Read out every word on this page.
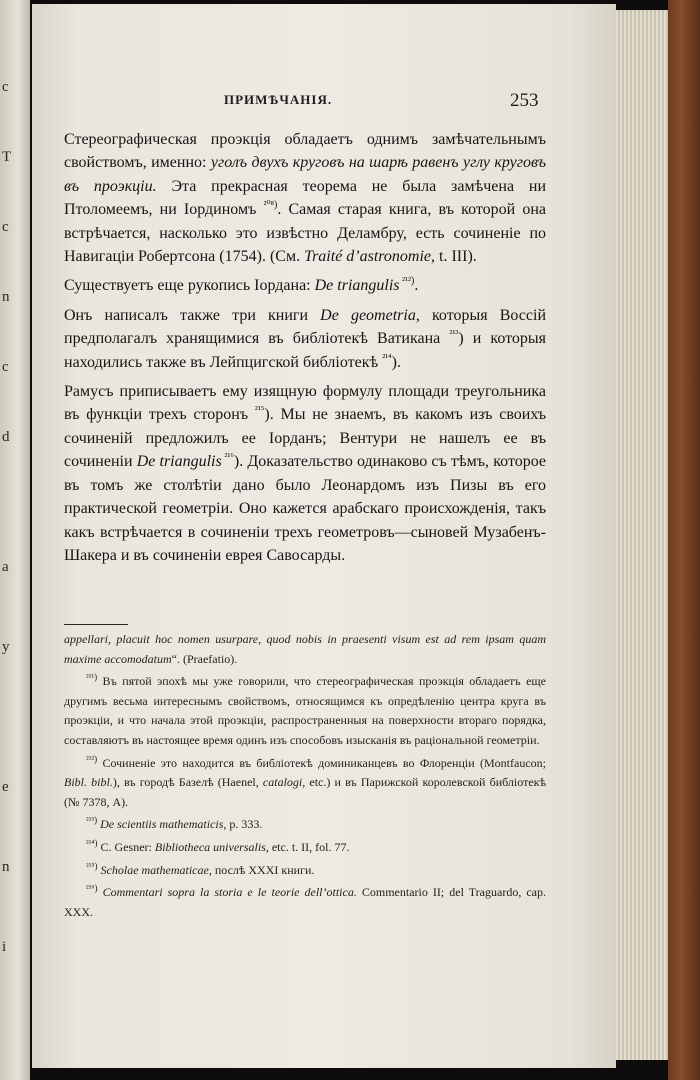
с
Т
с
n
с
d
а
y
e
n
i
ПРИМѢЧАНІЯ.	253

Стереографическая проэкція обладаетъ однимъ замѣчательнымъ свойствомъ, именно: уголъ двухъ круговъ на шарѣ равенъ углу круговъ въ проэкціи. Эта прекрасная теорема не была замѣчена ни Птоломеемъ, ни Іординомъ $^{^{208})}$. Самая старая книга, въ которой она встрѣчается, насколько это извѣстно Деламбру, есть сочиненіе по Навигаціи Робертсона (1754). (См. Traité d’astronomie, t. III).

Существуетъ еще рукопись Іордана: De triangulis $^{^{212})}$.

Онъ написалъ также три книги De geometria, которыя Воссій предполагалъ хранящимися въ библіотекѣ Ватикана $^{^{213}}$) и которыя находились также въ Лейпцигской библіотекѣ $^{^{214}}$).

Рамусъ приписываетъ ему изящную формулу площади треугольника въ функціи трехъ сторонъ $^{^{215}}$). Мы не знаемъ, въ какомъ изъ своихъ сочиненій предложилъ ее Іорданъ; Вентури не нашелъ ее въ сочиненіи De triangulis $^{^{216}}$). Доказательство одинаково съ тѣмъ, которое въ томъ же столѣтіи дано было Леонардомъ изъ Пизы въ его практической геометріи. Оно кажется арабскаго происхожденія, такъ какъ встрѣчается в сочиненіи трехъ геометровъ—сыновей Музабенъ-Шакера и въ сочиненіи еврея Савосарды.

appellari, placuit hoc nomen usurpare, quod nobis in praesenti visum est ad rem ipsam quam maxime accomodatum“. (Praefatio).

$^{^{211})}$ Въ пятой эпохѣ мы уже говорили, что стереографическая проэкція обладаетъ еще другимъ весьма интереснымъ свойствомъ, относящимся къ опредѣленію центра круга въ проэкціи, и что начала этой проэкціи, распространенныя на поверхности втораго порядка, составляютъ въ настоящее время одинъ изъ способовъ изысканія въ раціональной геометріи.

$^{^{212})}$ Сочиненіе это находится въ библіотекѣ доминиканцевъ во Флоренціи (Montfaucon; Bibl. bibl.), въ городѣ Базелѣ (Haenel, catalogi, etc.) и въ Парижской королевской библіотекѣ (№ 7378, A).

$^{^{213})}$ De scientiis mathematicis, p. 333.

$^{^{214})}$ C. Gesner: Bibliotheca universalis, etc. t. II, fol. 77.

$^{^{215})}$ Scholae mathematicae, послѣ XXXI книги.

$^{^{216})}$ Commentari sopra la storia e le teorie dell’ottica. Commentario II; del Traguardo, cap. XXX.
